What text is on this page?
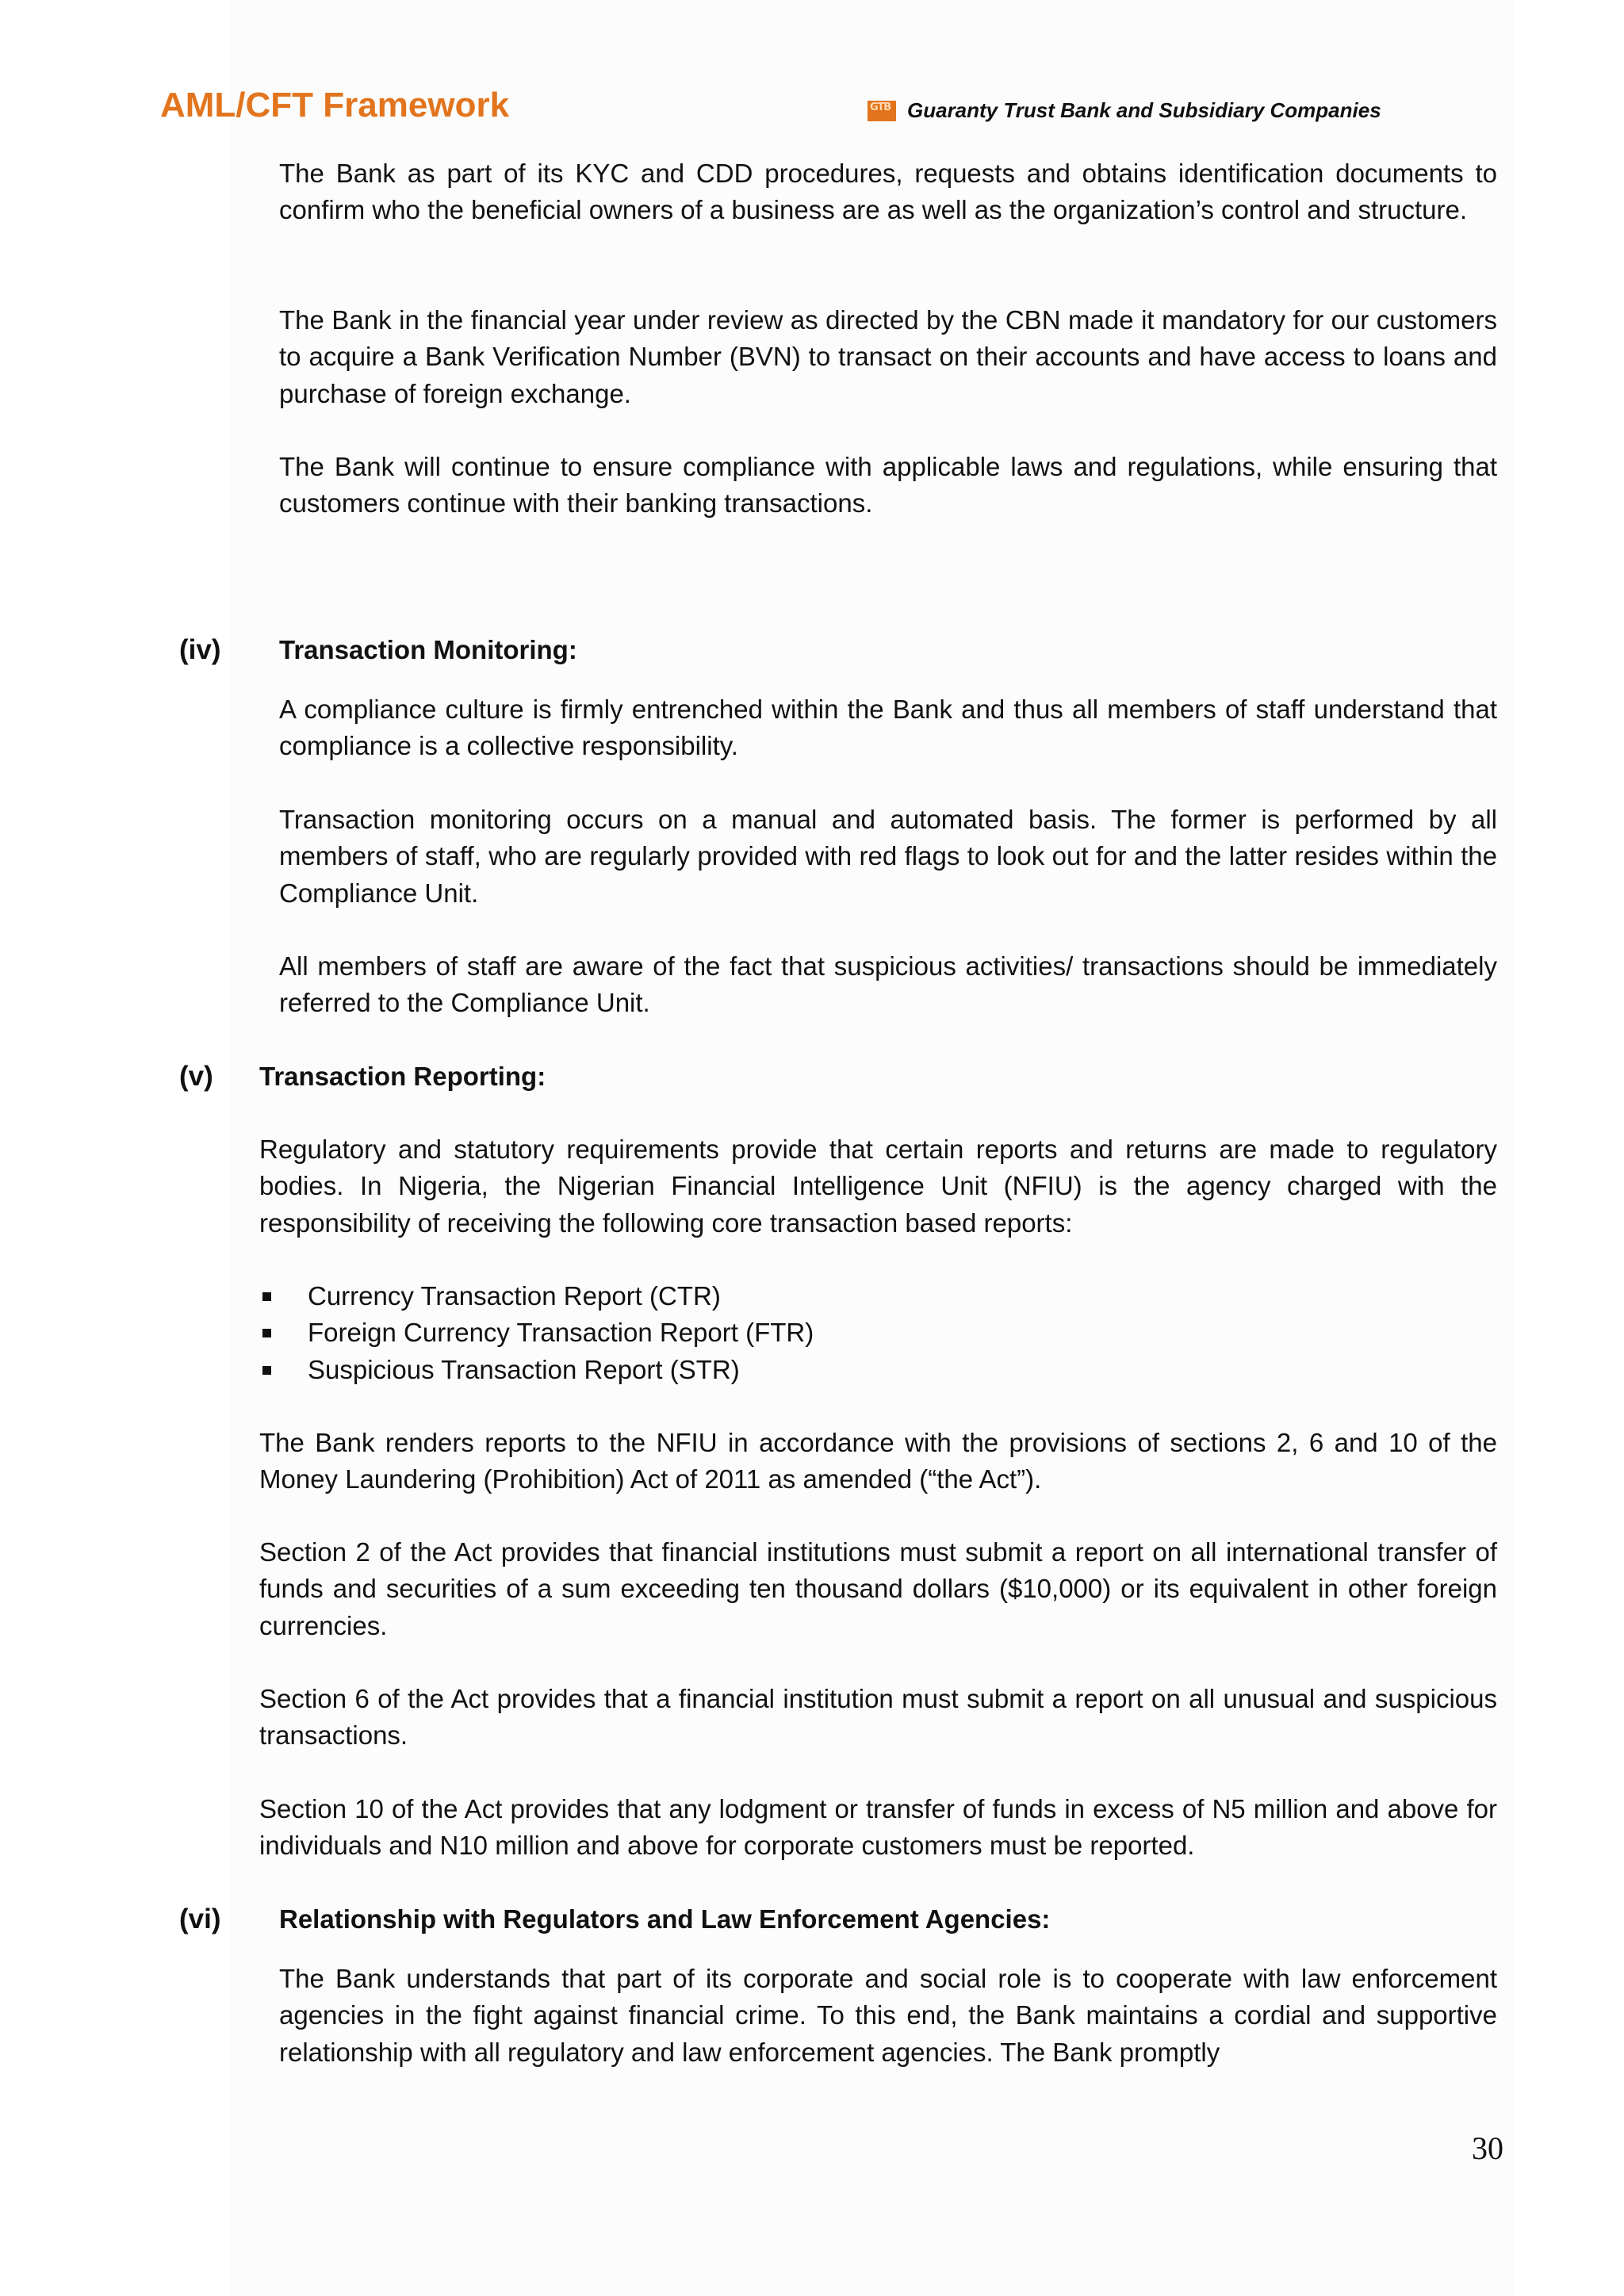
AML/CFT Framework	GTB Guaranty Trust Bank and Subsidiary Companies

The Bank as part of its KYC and CDD procedures, requests and obtains identification documents to confirm who the beneficial owners of a business are as well as the organization’s control and structure.

The Bank in the financial year under review as directed by the CBN made it mandatory for our customers to acquire a Bank Verification Number (BVN) to transact on their accounts and have access to loans and purchase of foreign exchange.

The Bank will continue to ensure compliance with applicable laws and regulations, while ensuring that customers continue with their banking transactions.

(iv) Transaction Monitoring:

A compliance culture is firmly entrenched within the Bank and thus all members of staff understand that compliance is a collective responsibility.

Transaction monitoring occurs on a manual and automated basis. The former is performed by all members of staff, who are regularly provided with red flags to look out for and the latter resides within the Compliance Unit.

All members of staff are aware of the fact that suspicious activities/ transactions should be immediately referred to the Compliance Unit.

(v) Transaction Reporting:

Regulatory and statutory requirements provide that certain reports and returns are made to regulatory bodies. In Nigeria, the Nigerian Financial Intelligence Unit (NFIU) is the agency charged with the responsibility of receiving the following core transaction based reports:

Currency Transaction Report (CTR)
Foreign Currency Transaction Report (FTR)
Suspicious Transaction Report (STR)

The Bank renders reports to the NFIU in accordance with the provisions of sections 2, 6 and 10 of the Money Laundering (Prohibition) Act of 2011 as amended (“the Act”).

Section 2 of the Act provides that financial institutions must submit a report on all international transfer of funds and securities of a sum exceeding ten thousand dollars ($10,000) or its equivalent in other foreign currencies.

Section 6 of the Act provides that a financial institution must submit a report on all unusual and suspicious transactions.

Section 10 of the Act provides that any lodgment or transfer of funds in excess of N5 million and above for individuals and N10 million and above for corporate customers must be reported.

(vi) Relationship with Regulators and Law Enforcement Agencies:

The Bank understands that part of its corporate and social role is to cooperate with law enforcement agencies in the fight against financial crime. To this end, the Bank maintains a cordial and supportive relationship with all regulatory and law enforcement agencies. The Bank promptly

30
